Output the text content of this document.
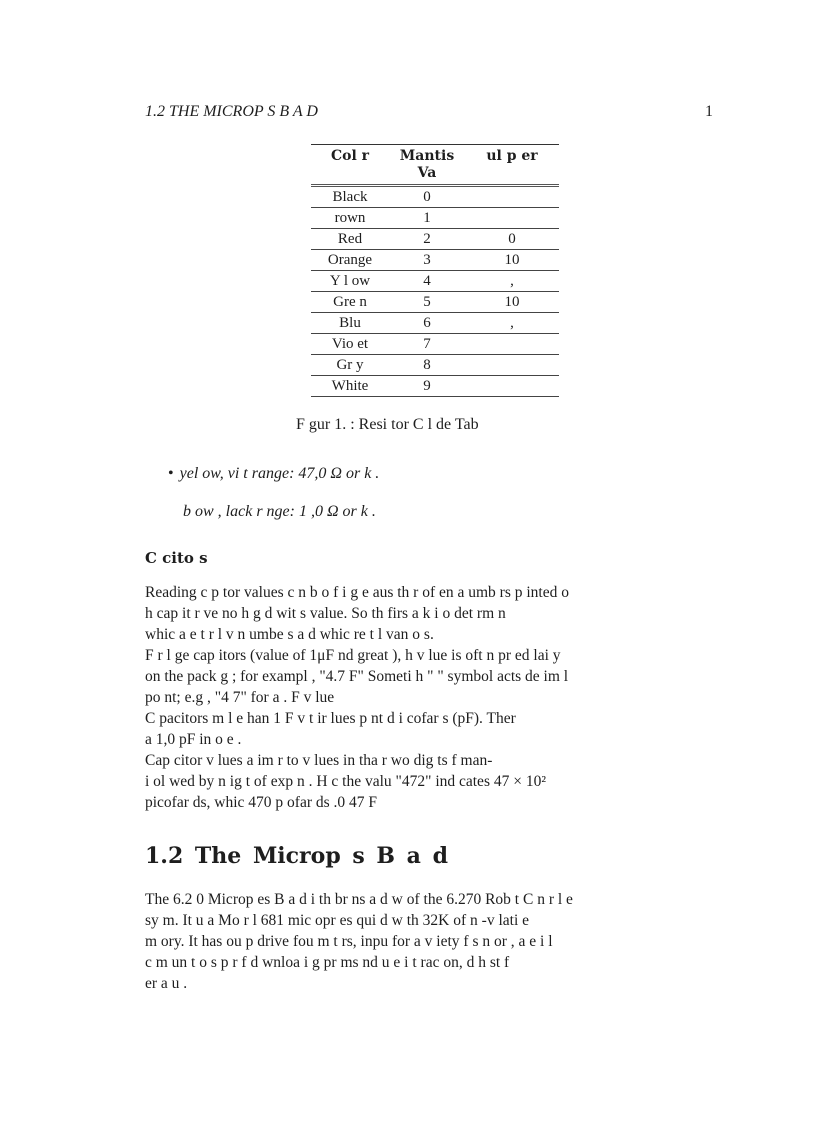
1.2 THE MICROP S B A D	1
Col r	Mantis Va	ul p er
Black	0	
rown	1	
Red	2	0
Orange	3	10
Y l ow	4	,
Gre n	5	10
Blu	6	,
Vio et	7	
Gr y	8	
White	9	
F gur 1. : Resi tor C l de Tab
• yel ow, vi t range: 47,0 Ω or k .
b ow , lack r nge: 1 ,0 Ω or k .
C cito s
Reading c p tor values c n b o f i g e aus th r of en a umb rs p inted o
h cap it r ve no h g d wit s value. So th firs a k i o det rm n
whic a e t r l v n umbe s a d whic re t l van o s.
F r l ge cap itors (value of 1μF nd great ), h v lue is oft n pr ed lai y
on the pack g ; for exampl , "4.7 F" Someti h " " symbol acts de im l
po nt; e.g , "4 7" for a . F v lue
C pacitors m l e han 1 F v t ir lues p nt d i cofar s (pF). Ther
a 1,0 pF in o e .
Cap citor v lues a im r to v lues in tha r wo dig ts f man-
i ol wed by n ig t of exp n . H c the valu "472" ind cates 47 × 10²
picofar ds, whic 470 p ofar ds .0 47 F
1.2 The Microp s B a d
The 6.2 0 Microp es B a d i th br ns a d w of the 6.270 Rob t C n r l e
sy m. It u a Mo r l 681 mic opr es qui d w th 32K of n -v lati e
m ory. It has ou p drive fou m t rs, inpu for a v iety f s n or , a e i l
c m un t o s p r f d wnloa i g pr ms nd u e i t rac on, d h st f
er a u .
